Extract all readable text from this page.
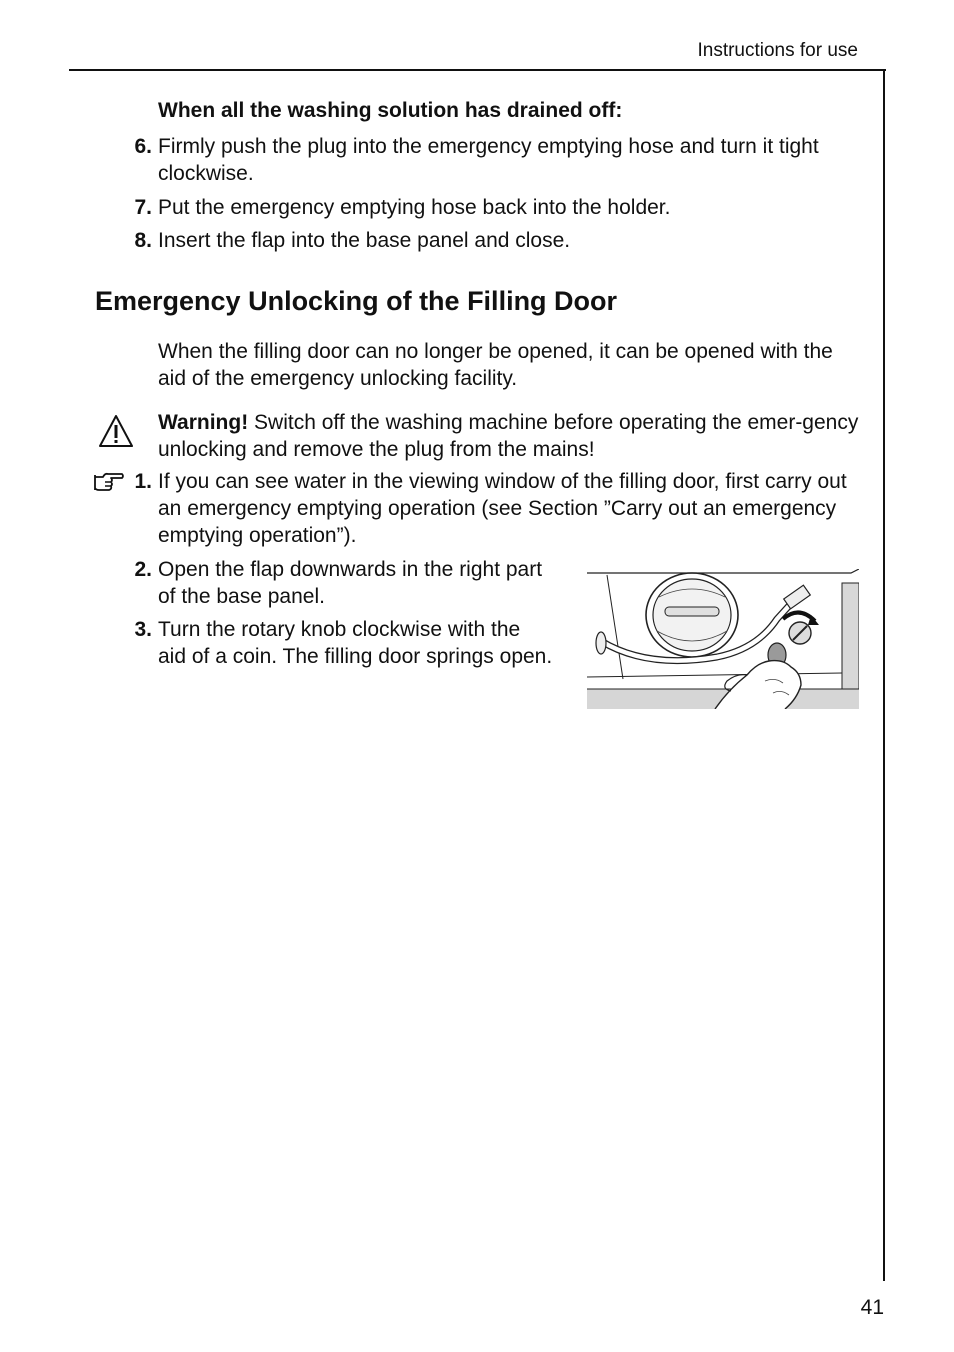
Instructions for use
When all the washing solution has drained off:
6. Firmly push the plug into the emergency emptying hose and turn it tight clockwise.
7. Put the emergency emptying hose back into the holder.
8. Insert the flap into the base panel and close.
Emergency Unlocking of the Filling Door
When the filling door can no longer be opened, it can be opened with the aid of the emergency unlocking facility.
Warning! Switch off the washing machine before operating the emer-gency unlocking and remove the plug from the mains!
1. If you can see water in the viewing window of the filling door, first carry out an emergency emptying operation (see Section ”Carry out an emergency emptying operation”).
2. Open the flap downwards in the right part of the base panel.
3. Turn the rotary knob clockwise with the aid of a coin. The filling door springs open.
41
